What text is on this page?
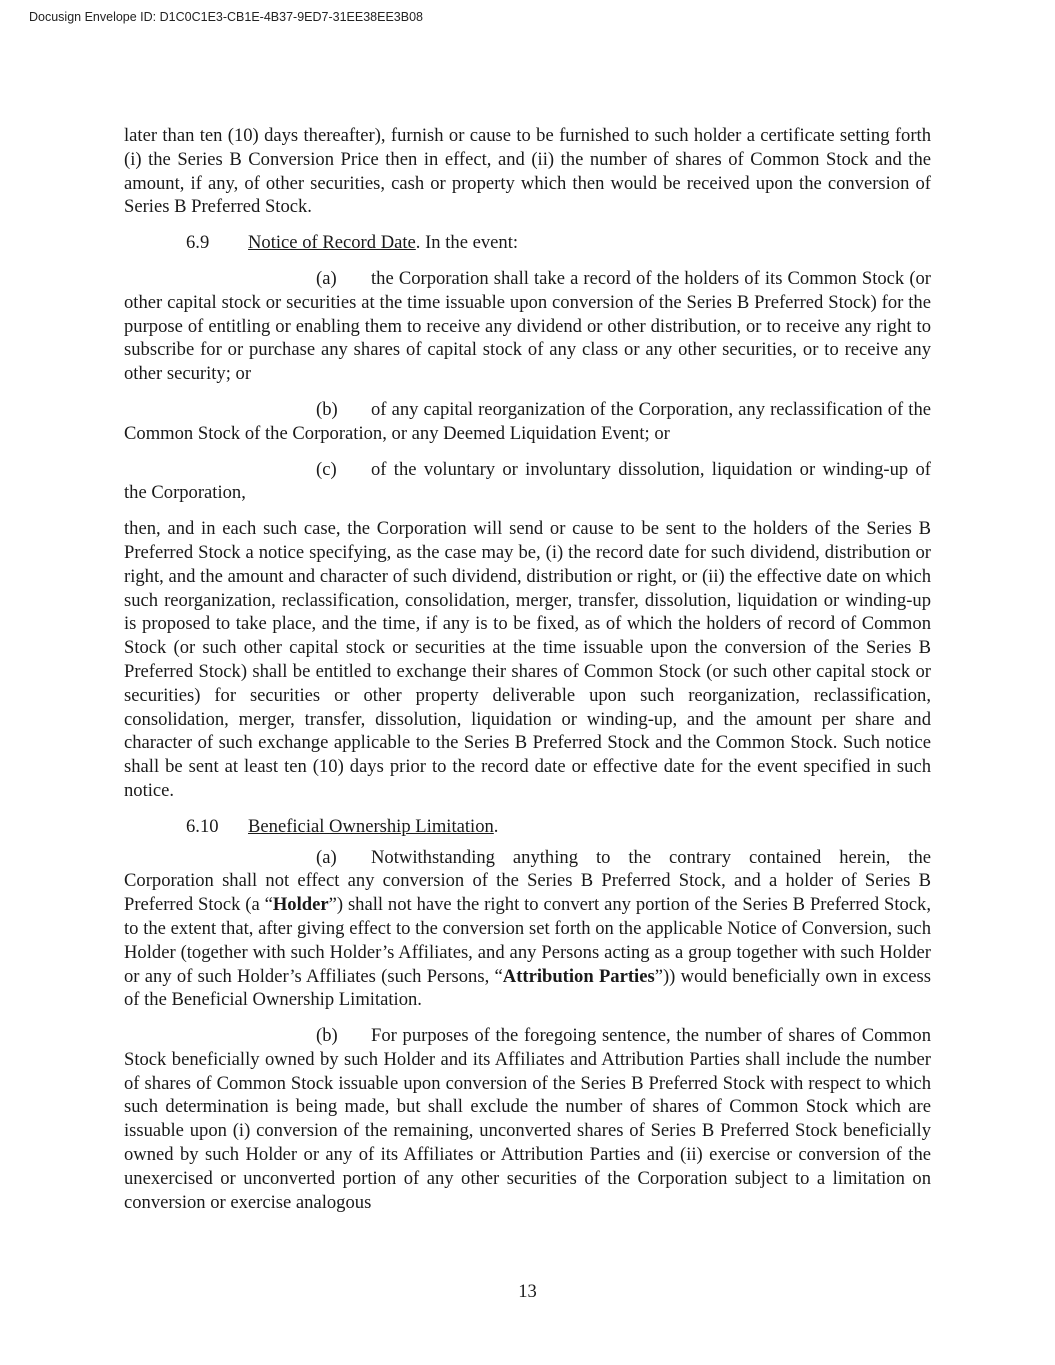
Docusign Envelope ID: D1C0C1E3-CB1E-4B37-9ED7-31EE38EE3B08

later than ten (10) days thereafter), furnish or cause to be furnished to such holder a certificate setting forth (i) the Series B Conversion Price then in effect, and (ii) the number of shares of Common Stock and the amount, if any, of other securities, cash or property which then would be received upon the conversion of Series B Preferred Stock.

6.9 Notice of Record Date. In the event:

(a) the Corporation shall take a record of the holders of its Common Stock (or other capital stock or securities at the time issuable upon conversion of the Series B Preferred Stock) for the purpose of entitling or enabling them to receive any dividend or other distribution, or to receive any right to subscribe for or purchase any shares of capital stock of any class or any other securities, or to receive any other security; or

(b) of any capital reorganization of the Corporation, any reclassification of the Common Stock of the Corporation, or any Deemed Liquidation Event; or

(c) of the voluntary or involuntary dissolution, liquidation or winding-up of the Corporation,

then, and in each such case, the Corporation will send or cause to be sent to the holders of the Series B Preferred Stock a notice specifying, as the case may be, (i) the record date for such dividend, distribution or right, and the amount and character of such dividend, distribution or right, or (ii) the effective date on which such reorganization, reclassification, consolidation, merger, transfer, dissolution, liquidation or winding-up is proposed to take place, and the time, if any is to be fixed, as of which the holders of record of Common Stock (or such other capital stock or securities at the time issuable upon the conversion of the Series B Preferred Stock) shall be entitled to exchange their shares of Common Stock (or such other capital stock or securities) for securities or other property deliverable upon such reorganization, reclassification, consolidation, merger, transfer, dissolution, liquidation or winding-up, and the amount per share and character of such exchange applicable to the Series B Preferred Stock and the Common Stock. Such notice shall be sent at least ten (10) days prior to the record date or effective date for the event specified in such notice.

6.10 Beneficial Ownership Limitation.

(a) Notwithstanding anything to the contrary contained herein, the Corporation shall not effect any conversion of the Series B Preferred Stock, and a holder of Series B Preferred Stock (a “Holder”) shall not have the right to convert any portion of the Series B Preferred Stock, to the extent that, after giving effect to the conversion set forth on the applicable Notice of Conversion, such Holder (together with such Holder’s Affiliates, and any Persons acting as a group together with such Holder or any of such Holder’s Affiliates (such Persons, “Attribution Parties”)) would beneficially own in excess of the Beneficial Ownership Limitation.

(b) For purposes of the foregoing sentence, the number of shares of Common Stock beneficially owned by such Holder and its Affiliates and Attribution Parties shall include the number of shares of Common Stock issuable upon conversion of the Series B Preferred Stock with respect to which such determination is being made, but shall exclude the number of shares of Common Stock which are issuable upon (i) conversion of the remaining, unconverted shares of Series B Preferred Stock beneficially owned by such Holder or any of its Affiliates or Attribution Parties and (ii) exercise or conversion of the unexercised or unconverted portion of any other securities of the Corporation subject to a limitation on conversion or exercise analogous

13
